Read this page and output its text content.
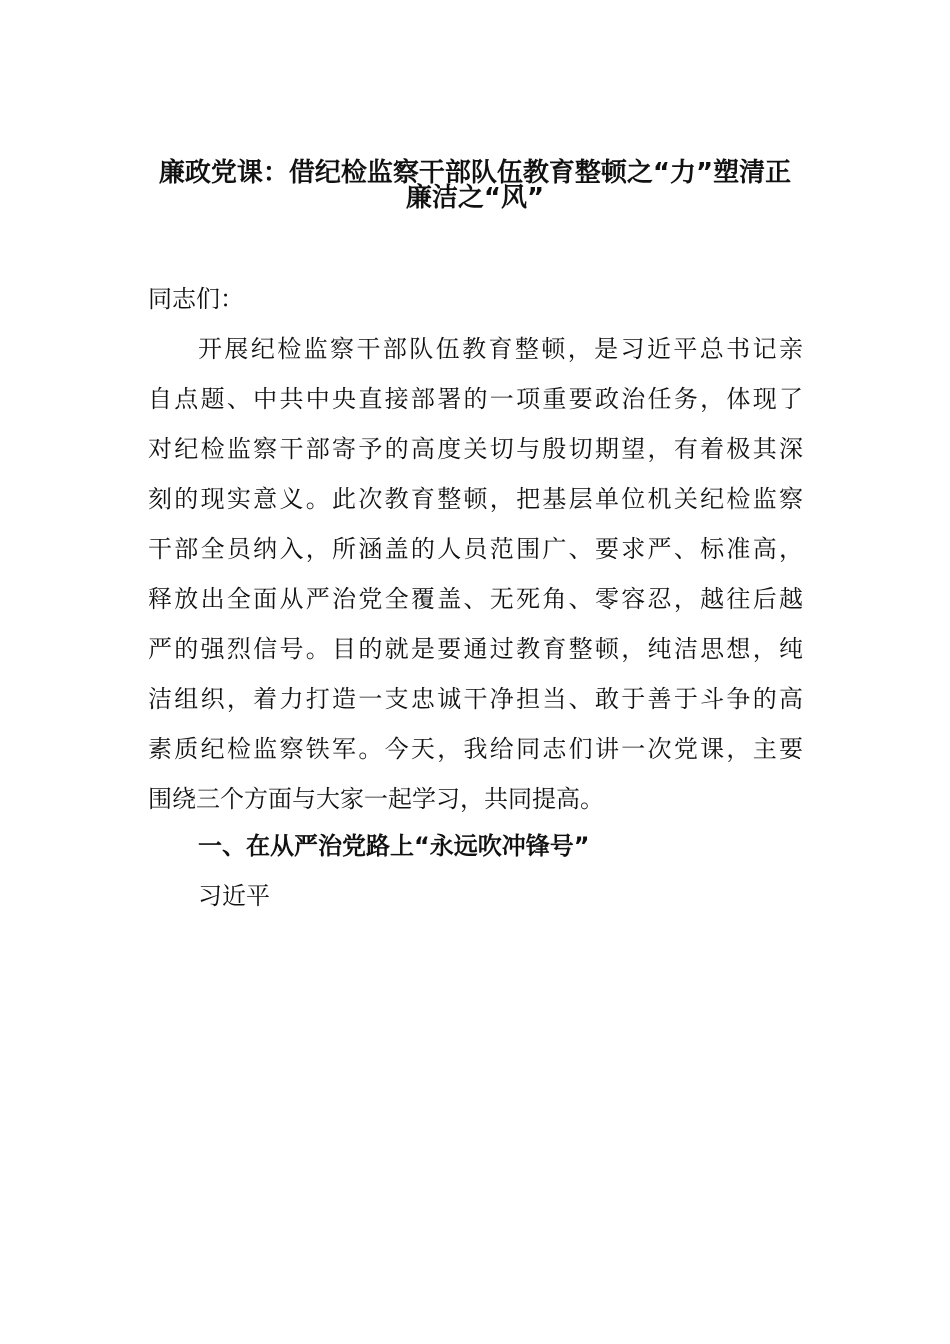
廉政党课：借纪检监察干部队伍教育整顿之“力”塑清正
廉洁之“风”
同志们：
开展纪检监察干部队伍教育整顿，是习近平总书记亲
自点题、中共中央直接部署的一项重要政治任务，体现了
对纪检监察干部寄予的高度关切与殷切期望，有着极其深
刻的现实意义。此次教育整顿，把基层单位机关纪检监察
干部全员纳入，所涵盖的人员范围广、要求严、标准高，
释放出全面从严治党全覆盖、无死角、零容忍，越往后越
严的强烈信号。目的就是要通过教育整顿，纯洁思想，纯
洁组织，着力打造一支忠诚干净担当、敢于善于斗争的高
素质纪检监察铁军。今天，我给同志们讲一次党课，主要
围绕三个方面与大家一起学习，共同提高。
一、在从严治党路上“永远吹冲锋号”
习近平
